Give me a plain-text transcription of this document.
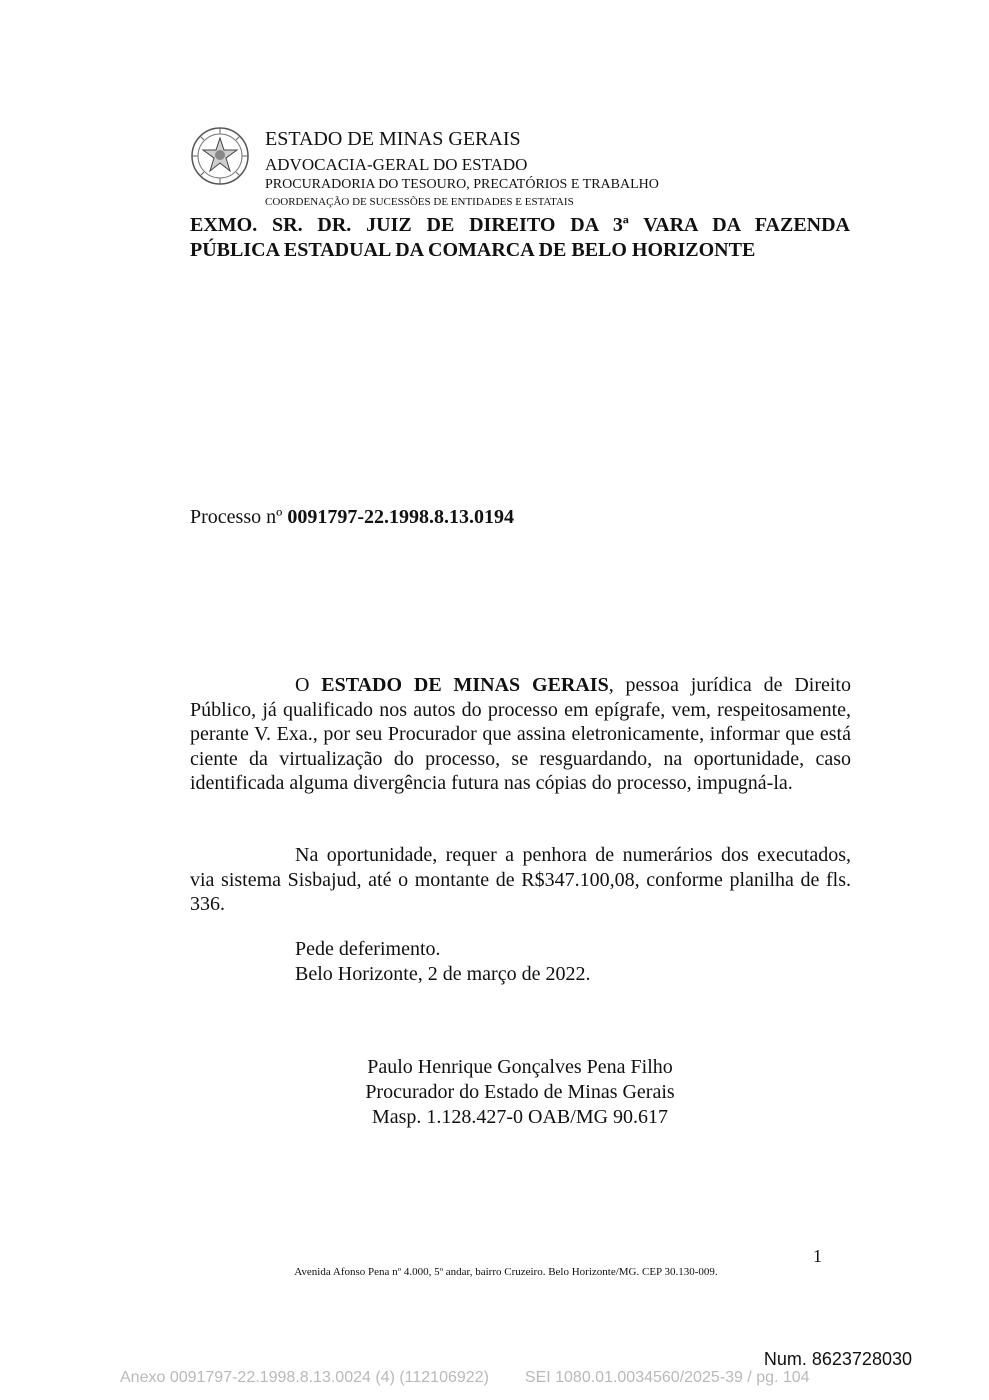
ESTADO DE MINAS GERAIS
ADVOCACIA-GERAL DO ESTADO
PROCURADORIA DO TESOURO, PRECATÓRIOS E TRABALHO
COORDENAÇÃO DE SUCESSÕES DE ENTIDADES E ESTATAIS
EXMO. SR. DR. JUIZ DE DIREITO DA 3ª VARA DA FAZENDA
PÚBLICA ESTADUAL DA COMARCA DE BELO HORIZONTE
Processo nº 0091797-22.1998.8.13.0194
O ESTADO DE MINAS GERAIS, pessoa jurídica de Direito Público, já qualificado nos autos do processo em epígrafe, vem, respeitosamente, perante V. Exa., por seu Procurador que assina eletronicamente, informar que está ciente da virtualização do processo, se resguardando, na oportunidade, caso identificada alguma divergência futura nas cópias do processo, impugná-la.
Na oportunidade, requer a penhora de numerários dos executados, via sistema Sisbajud, até o montante de R$347.100,08, conforme planilha de fls. 336.
Pede deferimento.
Belo Horizonte, 2 de março de 2022.
Paulo Henrique Gonçalves Pena Filho
Procurador do Estado de Minas Gerais
Masp. 1.128.427-0 OAB/MG 90.617
1
Avenida Afonso Pena nº 4.000, 5º andar, bairro Cruzeiro. Belo Horizonte/MG. CEP 30.130-009.
Num. 8623728030
Anexo 0091797-22.1998.8.13.0024 (4) (112106922) SEI 1080.01.0034560/2025-39 / pg. 104
